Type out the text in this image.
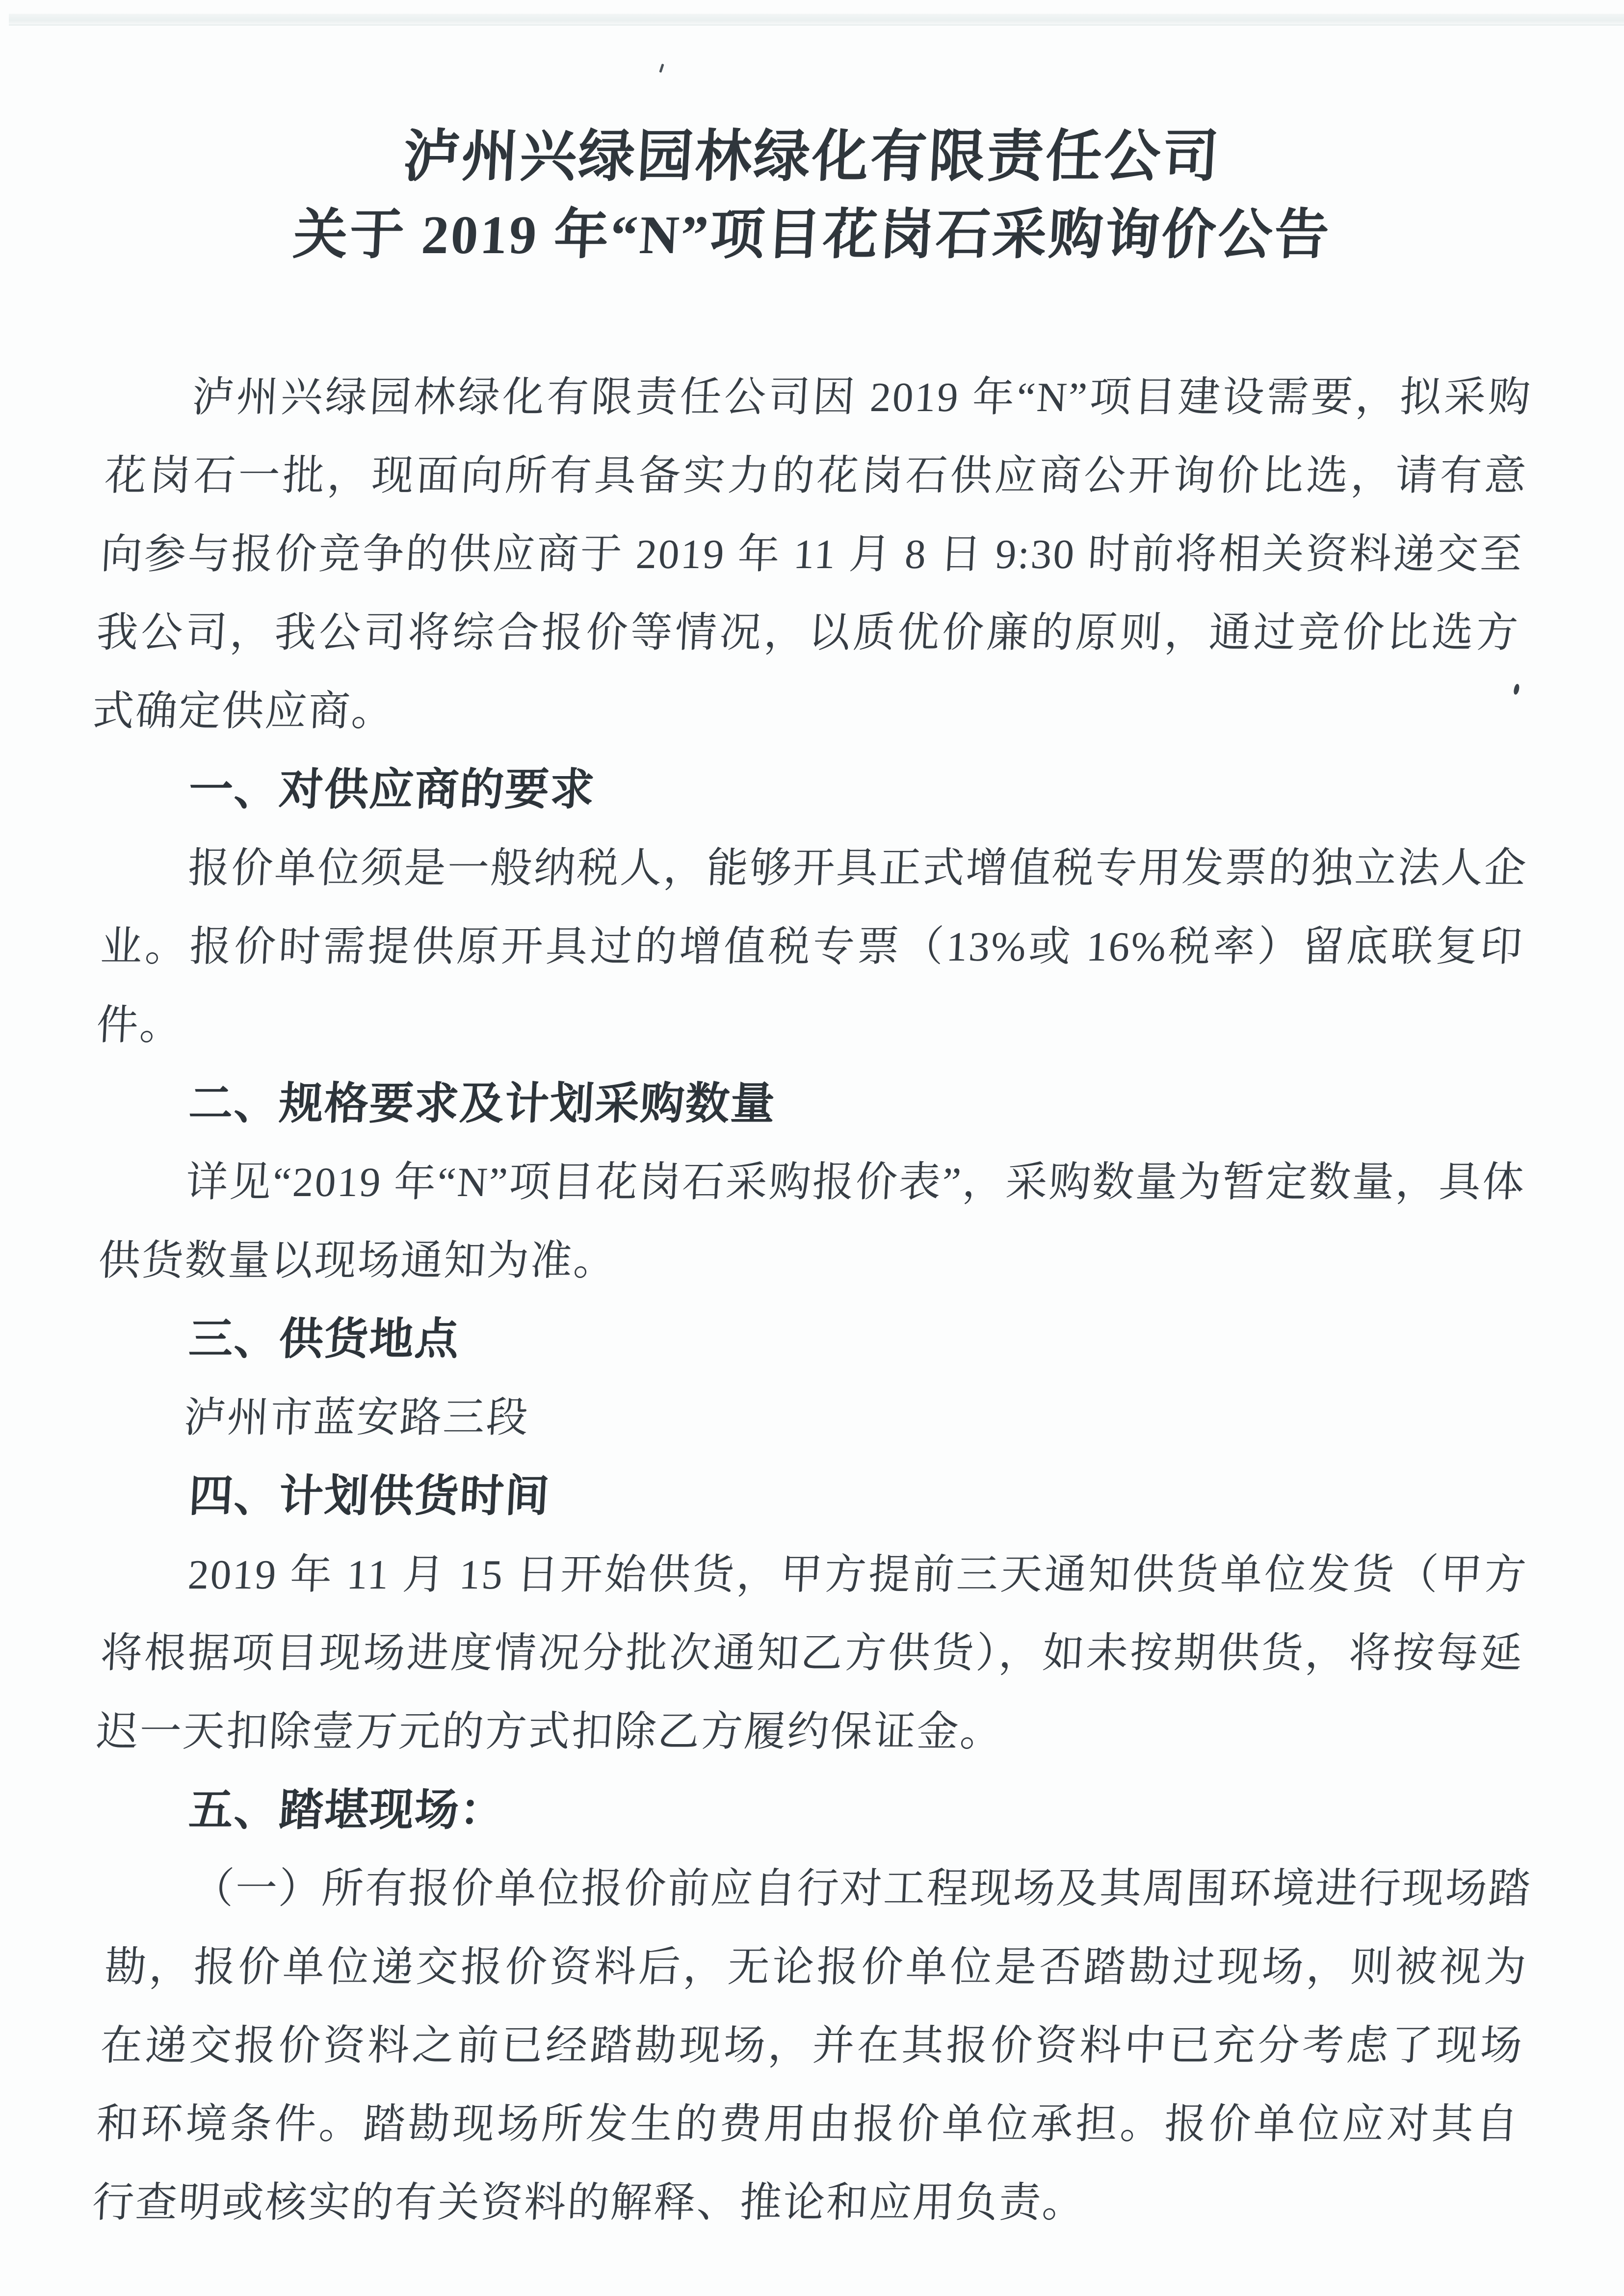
泸州兴绿园林绿化有限责任公司
关于 2019 年“N”项目花岗石采购询价公告

泸州兴绿园林绿化有限责任公司因 2019 年“N”项目建设需要，拟采购花岗石一批，现面向所有具备实力的花岗石供应商公开询价比选，请有意向参与报价竞争的供应商于 2019 年 11 月 8 日 9:30 时前将相关资料递交至我公司，我公司将综合报价等情况，以质优价廉的原则，通过竞价比选方式确定供应商。

一、对供应商的要求

报价单位须是一般纳税人，能够开具正式增值税专用发票的独立法人企业。报价时需提供原开具过的增值税专票（13%或 16%税率）留底联复印件。

二、规格要求及计划采购数量

详见“2019 年“N”项目花岗石采购报价表”，采购数量为暂定数量，具体供货数量以现场通知为准。

三、供货地点

泸州市蓝安路三段

四、计划供货时间

2019 年 11 月 15 日开始供货，甲方提前三天通知供货单位发货（甲方将根据项目现场进度情况分批次通知乙方供货），如未按期供货，将按每延迟一天扣除壹万元的方式扣除乙方履约保证金。

五、踏堪现场：

（一）所有报价单位报价前应自行对工程现场及其周围环境进行现场踏勘，报价单位递交报价资料后，无论报价单位是否踏勘过现场，则被视为在递交报价资料之前已经踏勘现场，并在其报价资料中已充分考虑了现场和环境条件。踏勘现场所发生的费用由报价单位承担。报价单位应对其自行查明或核实的有关资料的解释、推论和应用负责。
